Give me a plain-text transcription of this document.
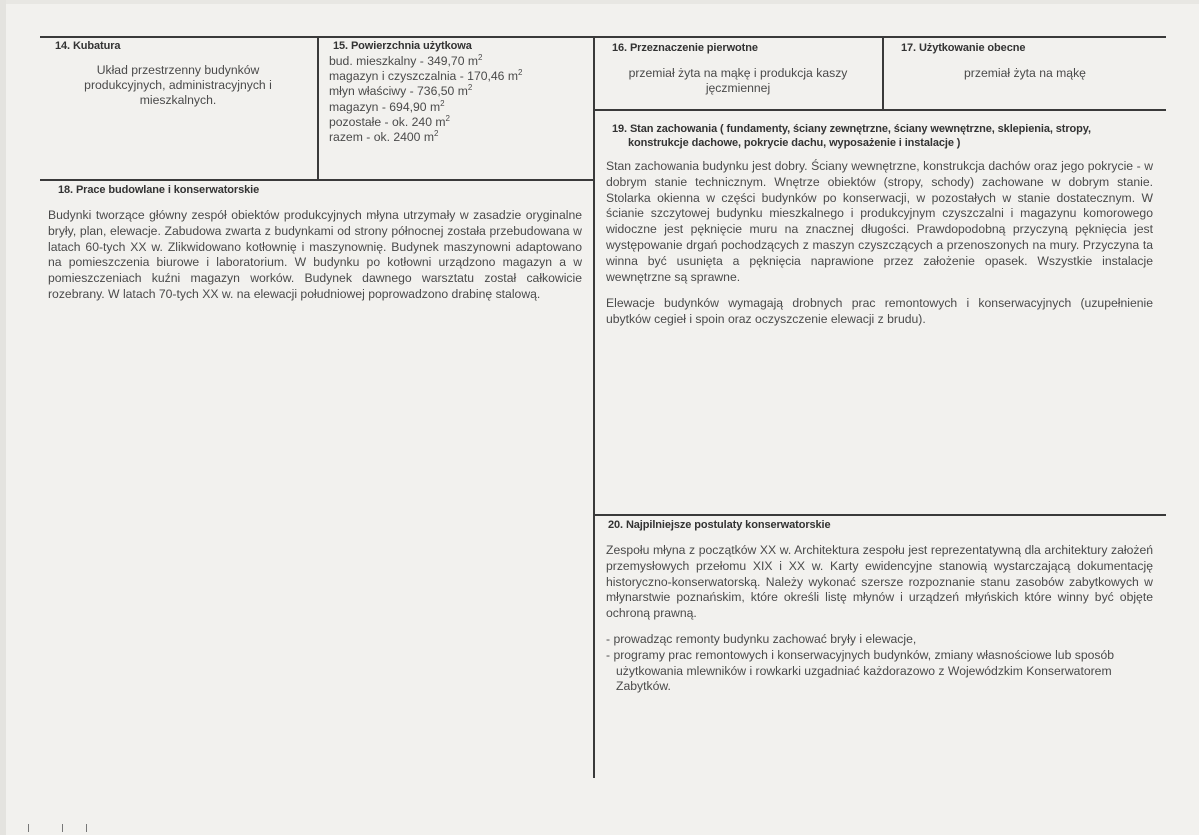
14. Kubatura
Układ przestrzenny budynków produkcyjnych, administracyjnych i mieszkalnych.
15. Powierzchnia użytkowa
bud. mieszkalny - 349,70 $m^2$
magazyn i czyszczalnia - 170,46 $m^2$
młyn właściwy - 736,50 $m^2$
magazyn - 694,90 $m^2$
pozostałe - ok. 240 $m^2$
razem - ok. 2400 $m^2$
16. Przeznaczenie pierwotne
przemiał żyta na mąkę i produkcja kaszy jęczmiennej
17. Użytkowanie obecne
przemiał żyta na mąkę
19. Stan zachowania ( fundamenty, ściany zewnętrzne, ściany wewnętrzne, sklepienia, stropy,
konstrukcje dachowe, pokrycie dachu, wyposażenie i instalacje )
Stan zachowania budynku jest dobry. Ściany wewnętrzne, konstrukcja dachów oraz jego pokrycie - w dobrym stanie technicznym. Wnętrze obiektów (stropy, schody) zachowane w dobrym stanie. Stolarka okienna w części budynków po konserwacji, w pozostałych w stanie dostatecznym. W ścianie szczytowej budynku mieszkalnego i produkcyjnym czyszczalni i magazynu komorowego widoczne jest pęknięcie muru na znacznej długości. Prawdopodobną przyczyną pęknięcia jest występowanie drgań pochodzących z maszyn czyszczących a przenoszonych na mury. Przyczyna ta winna być usunięta a pęknięcia naprawione przez założenie opasek. Wszystkie instalacje wewnętrzne są sprawne.
Elewacje budynków wymagają drobnych prac remontowych i konserwacyjnych (uzupełnienie ubytków cegieł i spoin oraz oczyszczenie elewacji z brudu).
18. Prace budowlane i konserwatorskie
Budynki tworzące główny zespół obiektów produkcyjnych młyna utrzymały w zasadzie oryginalne bryły, plan, elewacje. Zabudowa zwarta z budynkami od strony północnej została przebudowana w latach 60-tych XX w. Zlikwidowano kotłownię i maszynownię. Budynek maszynowni adaptowano na pomieszczenia biurowe i laboratorium. W budynku po kotłowni urządzono magazyn a w pomieszczeniach kuźni magazyn worków. Budynek dawnego warsztatu został całkowicie rozebrany. W latach 70-tych XX w. na elewacji południowej poprowadzono drabinę stalową.
20. Najpilniejsze postulaty konserwatorskie
Zespołu młyna z początków XX w. Architektura zespołu jest reprezentatywną dla architektury założeń przemysłowych przełomu XIX i XX w. Karty ewidencyjne stanowią wystarczającą dokumentację historyczno-konserwatorską. Należy wykonać szersze rozpoznanie stanu zasobów zabytkowych w młynarstwie poznańskim, które określi listę młynów i urządzeń młyńskich które winny być objęte ochroną prawną.
- prowadząc remonty budynku zachować bryły i elewacje,
- programy prac remontowych i konserwacyjnych budynków, zmiany własnościowe lub sposób użytkowania mlewników i rowkarki uzgadniać każdorazowo z Wojewódzkim Konserwatorem Zabytków.
